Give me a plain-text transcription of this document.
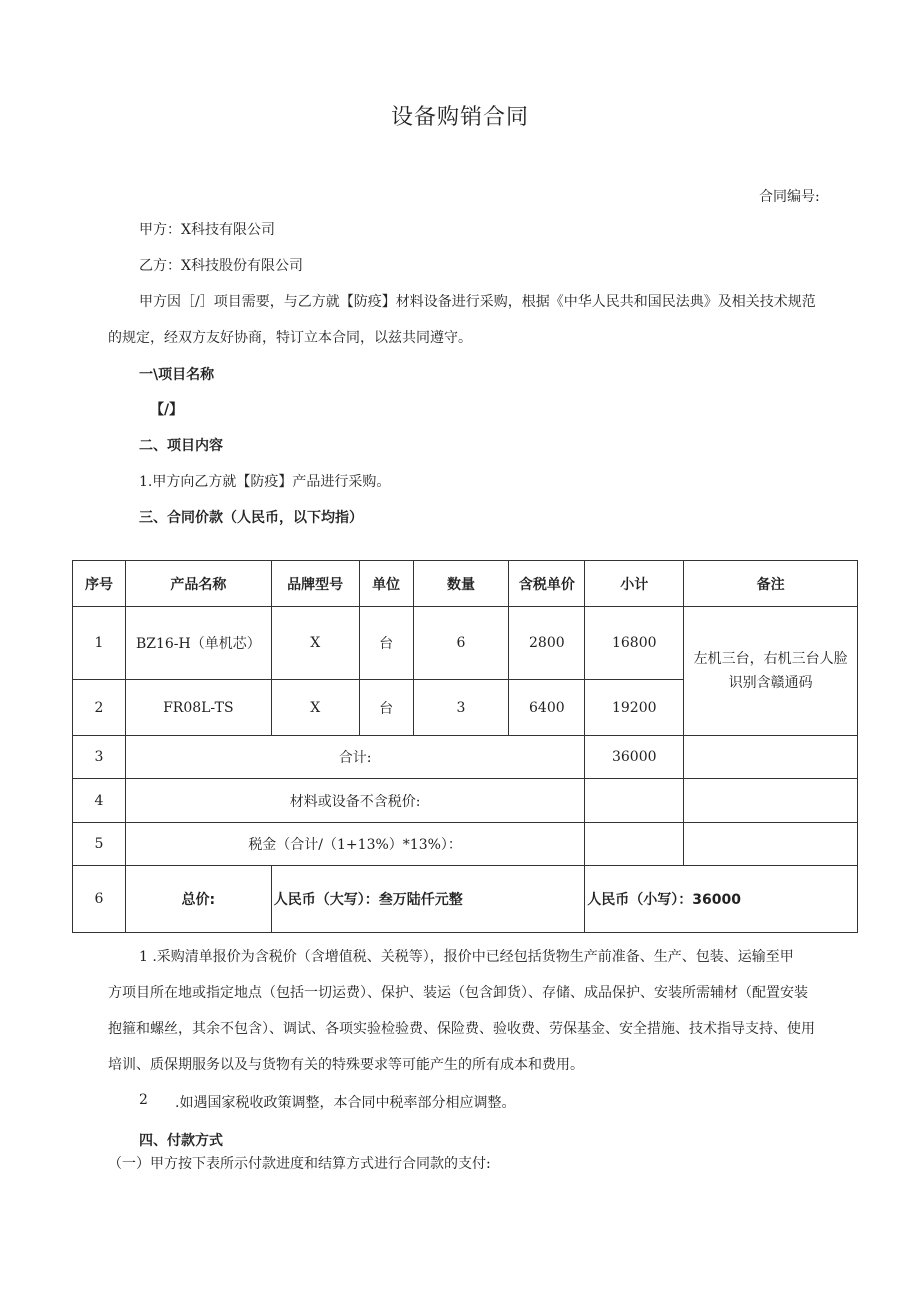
设备购销合同
合同编号:
甲方：X科技有限公司
乙方：X科技股份有限公司
甲方因［/］项目需要，与乙方就【防疫】材料设备进行采购，根据《中华人民共和国民法典》及相关技术规范
的规定，经双方友好协商，特订立本合同，以兹共同遵守。
一\项目名称
【/】
二、项目内容
1.甲方向乙方就【防疫】产品进行采购。
三、合同价款（人民币，以下均指）
序号	产品名称	品牌型号	单位	数量	含税单价	小计	备注
1	BZ16-H（单机芯）	X	台	6	2800	16800	左机三台，右机三台人脸识别含赣通码
2	FR08L-TS	X	台	3	6400	19200	
3	合计:					36000	
4	材料或设备不含税价:						
5	税金（合计/（1+13%）*13%）：						
6	总价:	人民币（大写）：叁万陆仟元整				人民币（小写）：36000	
1 .采购清单报价为含税价（含增值税、关税等），报价中已经包括货物生产前准备、生产、包装、运输至甲
方项目所在地或指定地点（包括一切运费）、保护、装运（包含卸货）、存储、成品保护、安装所需辅材（配置安装
抱箍和螺丝，其余不包含）、调试、各项实验检验费、保险费、验收费、劳保基金、安全措施、技术指导支持、使用
培训、质保期服务以及与货物有关的特殊要求等可能产生的所有成本和费用。
2 .如遇国家税收政策调整，本合同中税率部分相应调整。
四、付款方式
（一）甲方按下表所示付款进度和结算方式进行合同款的支付:
